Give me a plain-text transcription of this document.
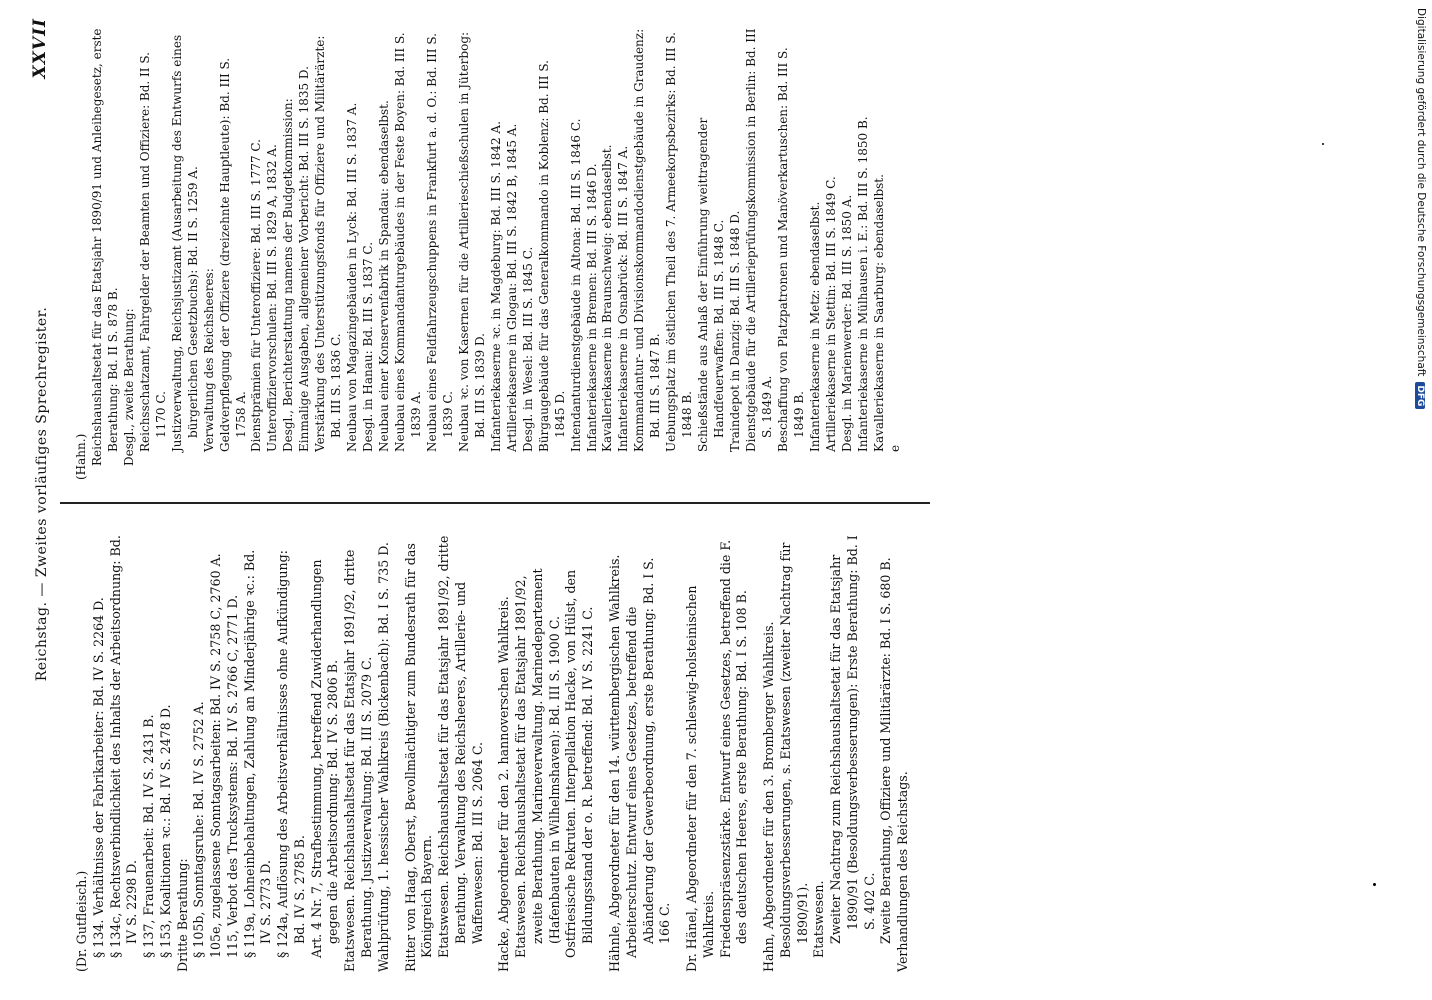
Reichstag. — Zweites vorläufiges Sprechregister.
XXVII
(Dr. Gutfleisch.) § 134. Verhältnisse der Fabrikarbeiter: Bd. IV S. 2264 D. § 134c, Rechtsverbindlichkeit des Inhalts der Arbeitsordnung: Bd. IV S. 2298 D. § 137, Frauenarbeit: Bd. IV S. 2431 B. § 153, Koalitionen ꝛc.: Bd. IV S. 2478 D. Dritte Berathung: § 105b, Sonntagsruhe: Bd. IV S. 2752 A. 105e, zugelassene Sonntagsarbeiten: Bd. IV S. 2758 C, 2760 A. 115, Verbot des Trucksystems: Bd. IV S. 2766 C, 2771 D. § 119a, Lohneinbehaltungen, Zahlung an Minderjährige ꝛc.: Bd. IV S. 2773 D. § 124a, Auflösung des Arbeitsverhältnisses ohne Aufkündigung: Bd. IV S. 2785 B. Art. 4 Nr. 7, Strafbestimmung, betreffend Zuwiderhandlungen gegen die Arbeitsordnung: Bd. IV S. 2806 B. Etatswesen. Reichshaushaltsetat für das Etatsjahr 1891/92, dritte Berathung. Justizverwaltung: Bd. III S. 2079 C. Wahlprüfung, 1. hessischer Wahlkreis (Bickenbach): Bd. I S. 735 D. Ritter von Haag, Oberst, Bevollmächtigter zum Bundesrath für das Königreich Bayern. Etatswesen. Reichshaushaltsetat für das Etatsjahr 1891/92, dritte Berathung. Verwaltung des Reichsheeres, Artillerie- und Waffenwesen: Bd. III S. 2064 C. Hacke, Abgeordneter für den 2. hannoverschen Wahlkreis. Etatswesen. Reichshaushaltsetat für das Etatsjahr 1891/92, zweite Berathung. Marineverwaltung. Marinedepartement (Hafenbauten in Wilhelmshaven): Bd. III S. 1900 C. Ostfriesische Rekruten. Interpellation Hacke, von Hülst, den Bildungsstand der o. R. betreffend: Bd. IV S. 2241 C. Hähnle, Abgeordneter für den 14. württembergischen Wahlkreis. Arbeiterschutz. Entwurf eines Gesetzes, betreffend die Abänderung der Gewerbeordnung, erste Berathung: Bd. I S. 166 C. Dr. Hänel, Abgeordneter für den 7. schleswig-holsteinischen Wahlkreis. Friedenspräsenzstärke. Entwurf eines Gesetzes, betreffend die F. des deutschen Heeres, erste Berathung: Bd. I S. 108 B. Hahn, Abgeordneter für den 3. Bromberger Wahlkreis. Besoldungsverbesserungen, s. Etatswesen (zweiter Nachtrag für 1890/91). Etatswesen. Zweiter Nachtrag zum Reichshaushaltsetat für das Etatsjahr 1890/91 (Besoldungsverbesserungen): Erste Berathung: Bd. I S. 402 C. Zweite Berathung, Offiziere und Militärärzte: Bd. I S. 680 B. Verhandlungen des Reichstags.
(Hahn.) Reichshaushaltsetat für das Etatsjahr 1890/91 und Anleihegesetz, erste Berathung: Bd. II S. 878 B. Desgl., zweite Berathung: Reichsschatzamt, Fahrgelder der Beamten und Offiziere: Bd. II S. 1170 C. Justizverwaltung, Reichsjustizamt (Ausarbeitung des Entwurfs eines bürgerlichen Gesetzbuchs): Bd. II S. 1259 A. Verwaltung des Reichsheeres: Geldverpflegung der Offiziere (dreizehnte Hauptleute): Bd. III S. 1758 A. Dienstprämien für Unteroffiziere: Bd. III S. 1777 C. Unteroffiziervorschulen: Bd. III S. 1829 A, 1832 A. Desgl., Berichterstattung namens der Budgetkommission: Einmalige Ausgaben, allgemeiner Vorbericht: Bd. III S. 1835 D. Verstärkung des Unterstützungsfonds für Offiziere und Militärärzte: Bd. III S. 1836 C. Neubau von Magazingebäuden in Lyck: Bd. III S. 1837 A. Desgl. in Hanau: Bd. III S. 1837 C. Neubau einer Konservenfabrik in Spandau: ebendaselbst. Neubau eines Kommandanturgebäudes in der Feste Boyen: Bd. III S. 1839 A. Neubau eines Feldfahrzeugschuppens in Frankfurt a. d. O.: Bd. III S. 1839 C. Neubau ꝛc. von Kasernen für die Artillerieschießschulen in Jüterbog: Bd. III S. 1839 D. Infanteriekaserne ꝛc. in Magdeburg: Bd. III S. 1842 A. Artilleriekaserne in Glogau: Bd. III S. 1842 B, 1845 A. Desgl. in Wesel: Bd. III S. 1845 C. Bürgaugebäude für das Generalkommando in Koblenz: Bd. III S. 1845 D. Intendanturdienstgebäude in Altona: Bd. III S. 1846 C. Infanteriekaserne in Bremen: Bd. III S. 1846 D. Kavalleriekaserne in Braunschweig: ebendaselbst. Infanteriekaserne in Osnabrück: Bd. III S. 1847 A. Kommandantur- und Divisionskommandodienstgebäude in Graudenz: Bd. III S. 1847 B. Uebungsplatz im östlichen Theil des 7. Armeekorpsbezirks: Bd. III S. 1848 B. Schießstände aus Anlaß der Einführung weittragender Handfeuerwaffen: Bd. III S. 1848 C. Traindepot in Danzig: Bd. III S. 1848 D. Dienstgebäude für die Artillerieprüfungskommission in Berlin: Bd. III S. 1849 A. Beschaffung von Platzpatronen und Manöverkartuschen: Bd. III S. 1849 B. Infanteriekaserne in Metz: ebendaselbst. Artilleriekaserne in Stettin: Bd. III S. 1849 C. Desgl. in Marienwerder: Bd. III S. 1850 A. Infanteriekaserne in Mülhausen i. E.: Bd. III S. 1850 B. Kavalleriekaserne in Saarburg: ebendaselbst. e
Digitalisierung gefördert durch die Deutsche ForschungsgemeinschaftDFG
